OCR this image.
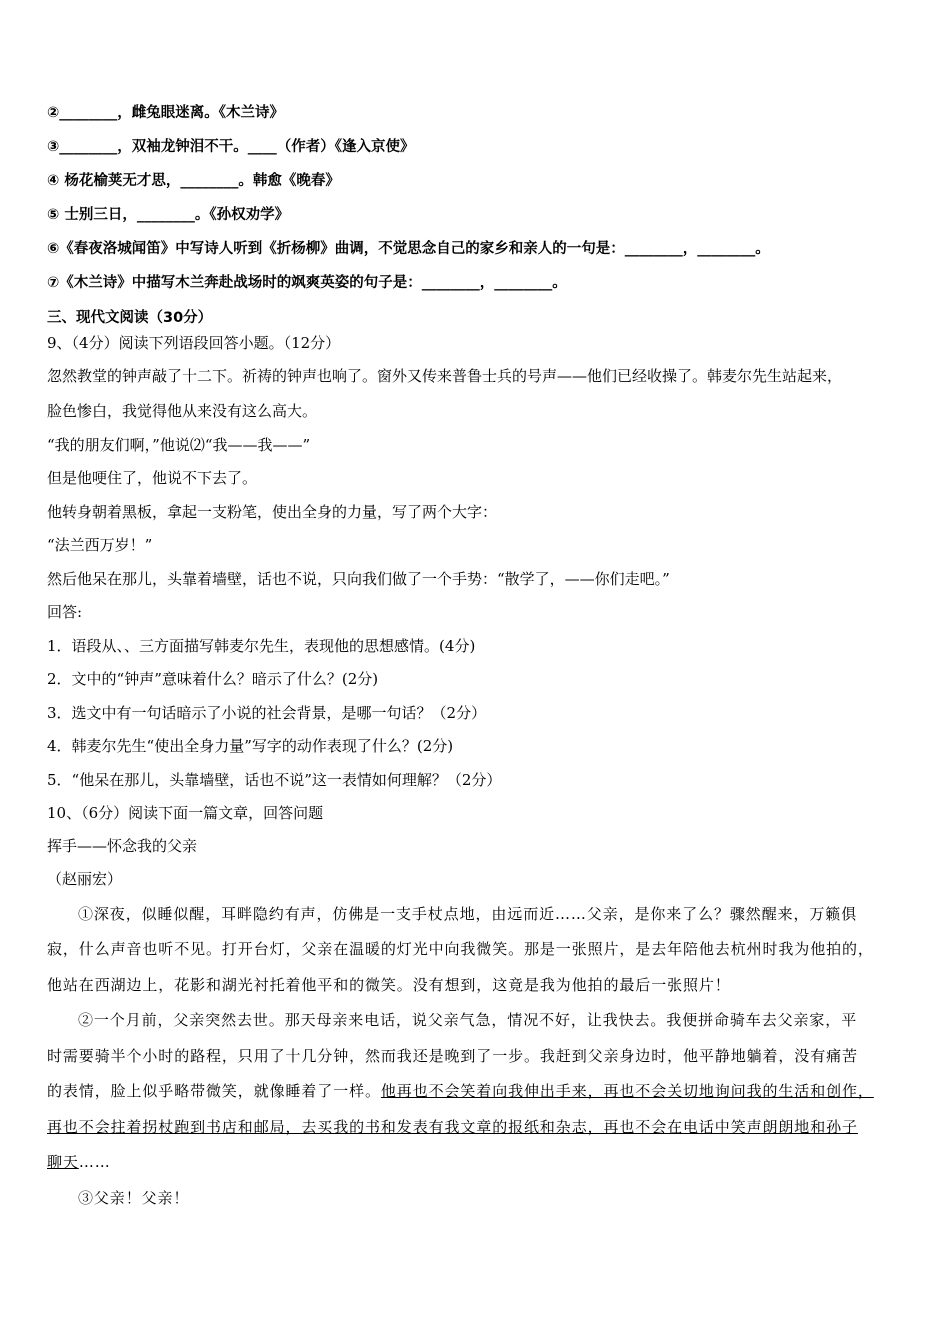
②________，雌兔眼迷离。《木兰诗》
③________，双袖龙钟泪不干。____（作者）《逢入京使》
④ 杨花榆荚无才思，________。韩愈《晚春》
⑤ 士别三日，________。《孙权劝学》
⑥《春夜洛城闻笛》中写诗人听到《折杨柳》曲调，不觉思念自己的家乡和亲人的一句是：________，________。
⑦《木兰诗》中描写木兰奔赴战场时的飒爽英姿的句子是：________，________。
三、现代文阅读（30分）
9、（4分）阅读下列语段回答小题。（12分）
忽然教堂的钟声敲了十二下。祈祷的钟声也响了。窗外又传来普鲁士兵的号声——他们已经收操了。韩麦尔先生站起来，
脸色惨白，我觉得他从来没有这么高大。
“我的朋友们啊，”他说⑵“我——我——”
但是他哽住了，他说不下去了。
他转身朝着黑板，拿起一支粉笔，使出全身的力量，写了两个大字：
“法兰西万岁！”
然后他呆在那儿，头靠着墙壁，话也不说，只向我们做了一个手势：“散学了，——你们走吧。”
回答:
1．语段从、、三方面描写韩麦尔先生，表现他的思想感情。(4分)
2．文中的“钟声”意味着什么？暗示了什么？(2分)
3．选文中有一句话暗示了小说的社会背景，是哪一句话？（2分）
4．韩麦尔先生“使出全身力量”写字的动作表现了什么？(2分)
5．“他呆在那儿，头靠墙壁，话也不说”这一表情如何理解？（2分）
10、（6分）阅读下面一篇文章，回答问题
挥手——怀念我的父亲
（赵丽宏）
①深夜，似睡似醒，耳畔隐约有声，仿佛是一支手杖点地，由远而近……父亲，是你来了么？骤然醒来，万籁俱
寂，什么声音也听不见。打开台灯，父亲在温暖的灯光中向我微笑。那是一张照片，是去年陪他去杭州时我为他拍的，
他站在西湖边上，花影和湖光衬托着他平和的微笑。没有想到，这竟是我为他拍的最后一张照片！
②一个月前，父亲突然去世。那天母亲来电话，说父亲气急，情况不好，让我快去。我便拼命骑车去父亲家，平
时需要骑半个小时的路程，只用了十几分钟，然而我还是晚到了一步。我赶到父亲身边时，他平静地躺着，没有痛苦
的表情，脸上似乎略带微笑，就像睡着了一样。他再也不会笑着向我伸出手来，再也不会关切地询问我的生活和创作，
再也不会拄着拐杖跑到书店和邮局，去买我的书和发表有我文章的报纸和杂志，再也不会在电话中笑声朗朗地和孙子
聊天……
③父亲！父亲！
